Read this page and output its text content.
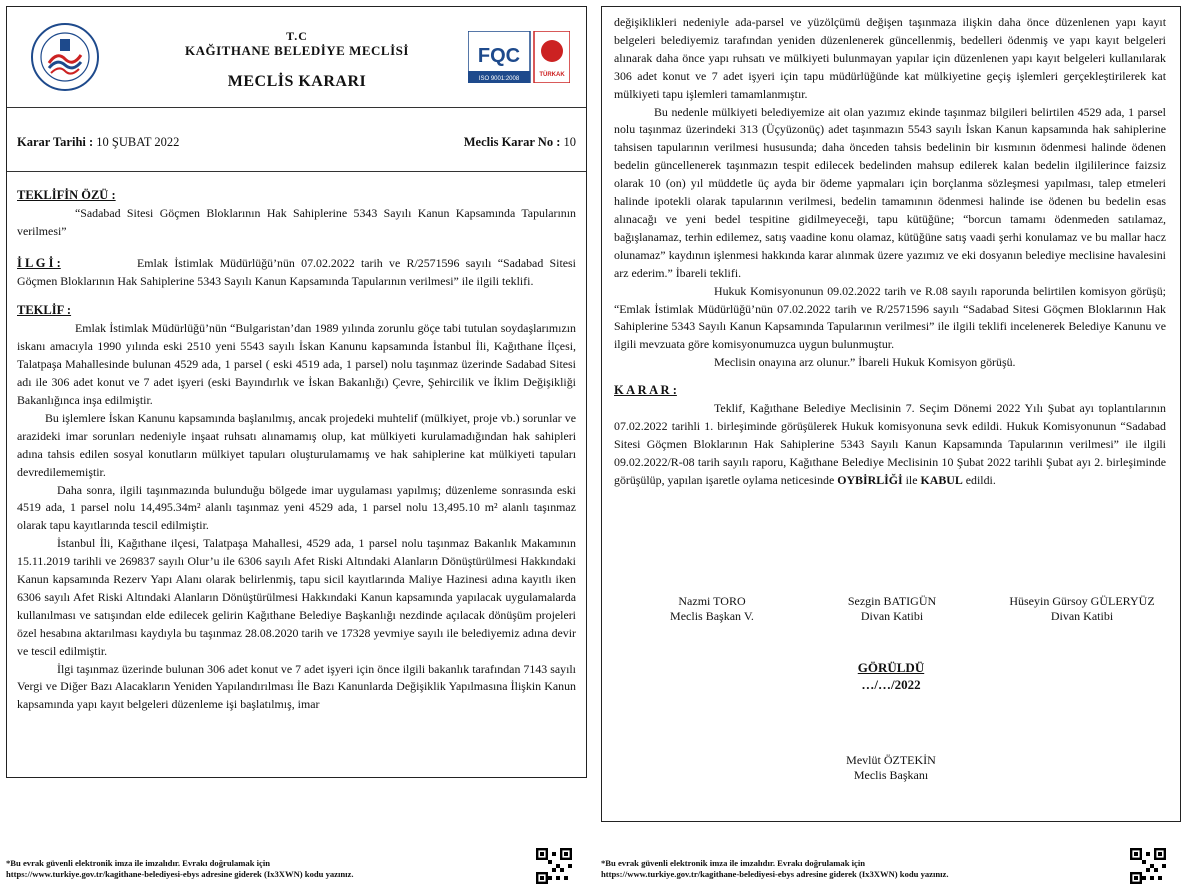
T.C
KAĞITHANE BELEDİYE MECLİSİ
MECLİS KARARI
FQC
ISO 9001:2008
TÜRKAK
Karar Tarihi : 10 ŞUBAT 2022	Meclis Karar No : 10

TEKLİFİN ÖZÜ :

“Sadabad Sitesi Göçmen Bloklarının Hak Sahiplerine 5343 Sayılı Kanun Kapsamında Tapularının verilmesi”

İ L G İ :	Emlak İstimlak Müdürlüğü’nün 07.02.2022 tarih ve R/2571596 sayılı “Sadabad Sitesi Göçmen Bloklarının Hak Sahiplerine 5343 Sayılı Kanun Kapsamında Tapularının verilmesi” ile ilgili teklifi.

TEKLİF :

Emlak İstimlak Müdürlüğü’nün “Bulgaristan’dan 1989 yılında zorunlu göçe tabi tutulan soydaşlarımızın iskanı amacıyla 1990 yılında eski 2510 yeni 5543 sayılı İskan Kanunu kapsamında İstanbul İli, Kağıthane İlçesi, Talatpaşa Mahallesinde bulunan 4529 ada, 1 parsel ( eski 4519 ada, 1 parsel) nolu taşınmaz üzerinde Sadabad Sitesi adı ile 306 adet konut ve 7 adet işyeri (eski Bayındırlık ve İskan Bakanlığı) Çevre, Şehircilik ve İklim Değişikliği Bakanlığınca inşa edilmiştir.

Bu işlemlere İskan Kanunu kapsamında başlanılmış, ancak projedeki muhtelif (mülkiyet, proje vb.) sorunlar ve arazideki imar sorunları nedeniyle inşaat ruhsatı alınamamış olup, kat mülkiyeti kurulamadığından hak sahipleri adına tahsis edilen sosyal konutların mülkiyet tapuları oluşturulamamış ve hak sahiplerine kat mülkiyeti tapuları devredilememiştir.

Daha sonra, ilgili taşınmazında bulunduğu bölgede imar uygulaması yapılmış; düzenleme sonrasında eski 4519 ada, 1 parsel nolu 14,495.34m² alanlı taşınmaz yeni 4529 ada, 1 parsel nolu 13,495.10 m² alanlı taşınmaz olarak tapu kayıtlarında tescil edilmiştir.

İstanbul İli, Kağıthane ilçesi, Talatpaşa Mahallesi, 4529 ada, 1 parsel nolu taşınmaz Bakanlık Makamının 15.11.2019 tarihli ve 269837 sayılı Olur’u ile 6306 sayılı Afet Riski Altındaki Alanların Dönüştürülmesi Hakkındaki Kanun kapsamında Rezerv Yapı Alanı olarak belirlenmiş, tapu sicil kayıtlarında Maliye Hazinesi adına kayıtlı iken 6306 sayılı Afet Riski Altındaki Alanların Dönüştürülmesi Hakkındaki Kanun kapsamında yapılacak uygulamalarda kullanılması ve satışından elde edilecek gelirin Kağıthane Belediye Başkanlığı nezdinde açılacak dönüşüm projeleri özel hesabına aktarılması kaydıyla bu taşınmaz 28.08.2020 tarih ve 17328 yevmiye sayılı ile belediyemiz adına devir ve tescil edilmiştir.

İlgi taşınmaz üzerinde bulunan 306 adet konut ve 7 adet işyeri için önce ilgili bakanlık tarafından 7143 sayılı Vergi ve Diğer Bazı Alacakların Yeniden Yapılandırılması İle Bazı Kanunlarda Değişiklik Yapılmasına İlişkin Kanun kapsamında yapı kayıt belgeleri düzenleme işi başlatılmış, imar

değişiklikleri nedeniyle ada-parsel ve yüzölçümü değişen taşınmaza ilişkin daha önce düzenlenen yapı kayıt belgeleri belediyemiz tarafından yeniden düzenlenerek güncellenmiş, bedelleri ödenmiş ve yapı kayıt belgeleri alınarak daha önce yapı ruhsatı ve mülkiyeti bulunmayan yapılar için düzenlenen yapı kayıt belgeleri kullanılarak 306 adet konut ve 7 adet işyeri için tapu müdürlüğünde kat mülkiyetine geçiş işlemleri gerçekleştirilerek kat mülkiyeti tapu işlemleri tamamlanmıştır.

Bu nedenle mülkiyeti belediyemize ait olan yazımız ekinde taşınmaz bilgileri belirtilen 4529 ada, 1 parsel nolu taşınmaz üzerindeki 313 (Üçyüzonüç) adet taşınmazın 5543 sayılı İskan Kanun kapsamında hak sahiplerine tahsisen tapularının verilmesi hususunda; daha önceden tahsis bedelinin bir kısmının ödenmesi halinde ödenen bedelin güncellenerek taşınmazın tespit edilecek bedelinden mahsup edilerek kalan bedelin ilgililerince faizsiz olarak 10 (on) yıl müddetle üç ayda bir ödeme yapmaları için borçlanma sözleşmesi yapılması, talep etmeleri halinde ipotekli olarak tapularının verilmesi, bedelin tamamının ödenmesi halinde ise ödenen bu bedelin esas alınacağı ve yeni bedel tespitine gidilmeyeceği, tapu kütüğüne; “borcun tamamı ödenmeden satılamaz, bağışlanamaz, terhin edilemez, satış vaadine konu olamaz, kütüğüne satış vaadi şerhi konulamaz ve bu mallar hacz olunamaz” kaydının işlenmesi hakkında karar alınmak üzere yazımız ve eki dosyanın belediye meclisine havalesini arz ederim.” İbareli teklifi.

Hukuk Komisyonunun 09.02.2022 tarih ve R.08 sayılı raporunda belirtilen komisyon görüşü; “Emlak İstimlak Müdürlüğü’nün 07.02.2022 tarih ve R/2571596 sayılı “Sadabad Sitesi Göçmen Bloklarının Hak Sahiplerine 5343 Sayılı Kanun Kapsamında Tapularının verilmesi” ile ilgili teklifi incelenerek Belediye Kanunu ve ilgili mevzuata göre komisyonumuzca uygun bulunmuştur.

Meclisin onayına arz olunur.” İbareli Hukuk Komisyon görüşü.

K A R A R :

Teklif, Kağıthane Belediye Meclisinin 7. Seçim Dönemi 2022 Yılı Şubat ayı toplantılarının 07.02.2022 tarihli 1. birleşiminde görüşülerek Hukuk komisyonuna sevk edildi. Hukuk Komisyonunun “Sadabad Sitesi Göçmen Bloklarının Hak Sahiplerine 5343 Sayılı Kanun Kapsamında Tapularının verilmesi” ile ilgili 09.02.2022/R-08 tarih sayılı raporu, Kağıthane Belediye Meclisinin 10 Şubat 2022 tarihli Şubat ayı 2. birleşiminde görüşülüp, yapılan işaretle oylama neticesinde OYBİRLİĞİ ile KABUL edildi.

Nazmi TORO
Meclis Başkan V.
Sezgin BATIGÜN
Divan Katibi
Hüseyin Gürsoy GÜLERYÜZ
Divan Katibi
GÖRÜLDÜ
…/…/2022
Mevlüt ÖZTEKİN
Meclis Başkanı
*Bu evrak güvenli elektronik imza ile imzalıdır. Evrakı doğrulamak için
https://www.turkiye.gov.tr/kagithane-belediyesi-ebys adresine giderek (Ix3XWN) kodu yazınız.
*Bu evrak güvenli elektronik imza ile imzalıdır. Evrakı doğrulamak için
https://www.turkiye.gov.tr/kagithane-belediyesi-ebys adresine giderek (Ix3XWN) kodu yazınız.
